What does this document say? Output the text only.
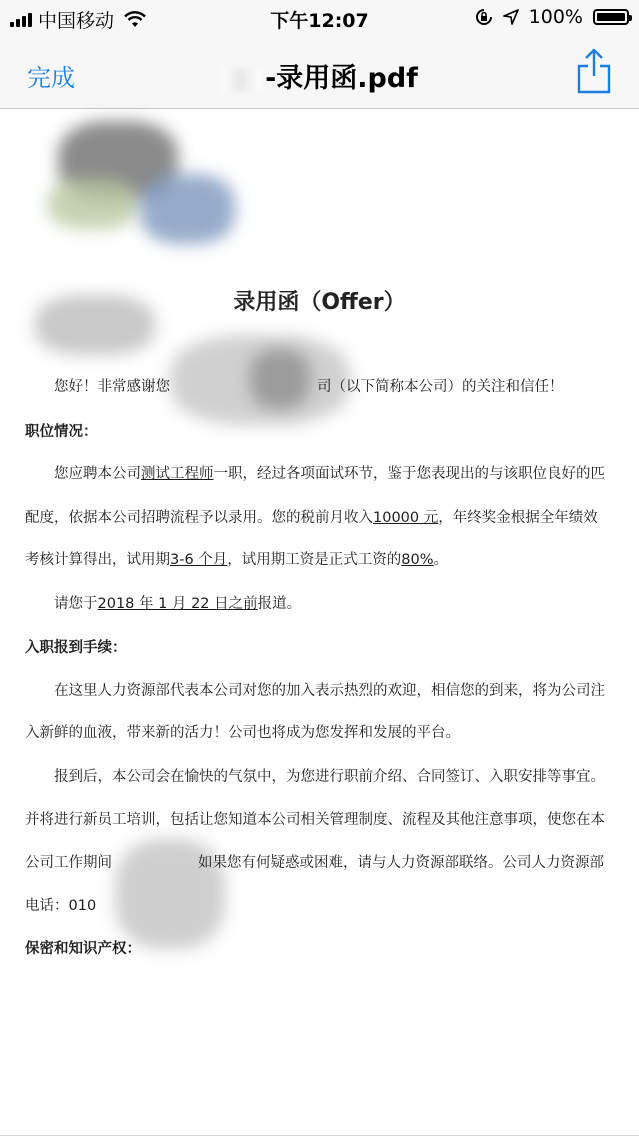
中国移动	下午12:07	100%
完成	-录用函.pdf
录用函（Offer）
您好！非常感谢您	司（以下简称本公司）的关注和信任！
职位情况：
您应聘本公司测试工程师一职，经过各项面试环节，鉴于您表现出的与该职位良好的匹
配度，依据本公司招聘流程予以录用。您的税前月收入10000 元，年终奖金根据全年绩效
考核计算得出，试用期3-6 个月，试用期工资是正式工资的80%。
请您于2018 年 1 月 22 日之前报道。
入职报到手续：
在这里人力资源部代表本公司对您的加入表示热烈的欢迎，相信您的到来，将为公司注
入新鲜的血液，带来新的活力！公司也将成为您发挥和发展的平台。
报到后，本公司会在愉快的气氛中，为您进行职前介绍、合同签订、入职安排等事宜。
并将进行新员工培训，包括让您知道本公司相关管理制度、流程及其他注意事项，使您在本
公司工作期间	如果您有何疑惑或困难，请与人力资源部联络。公司人力资源部
电话：010
保密和知识产权：
